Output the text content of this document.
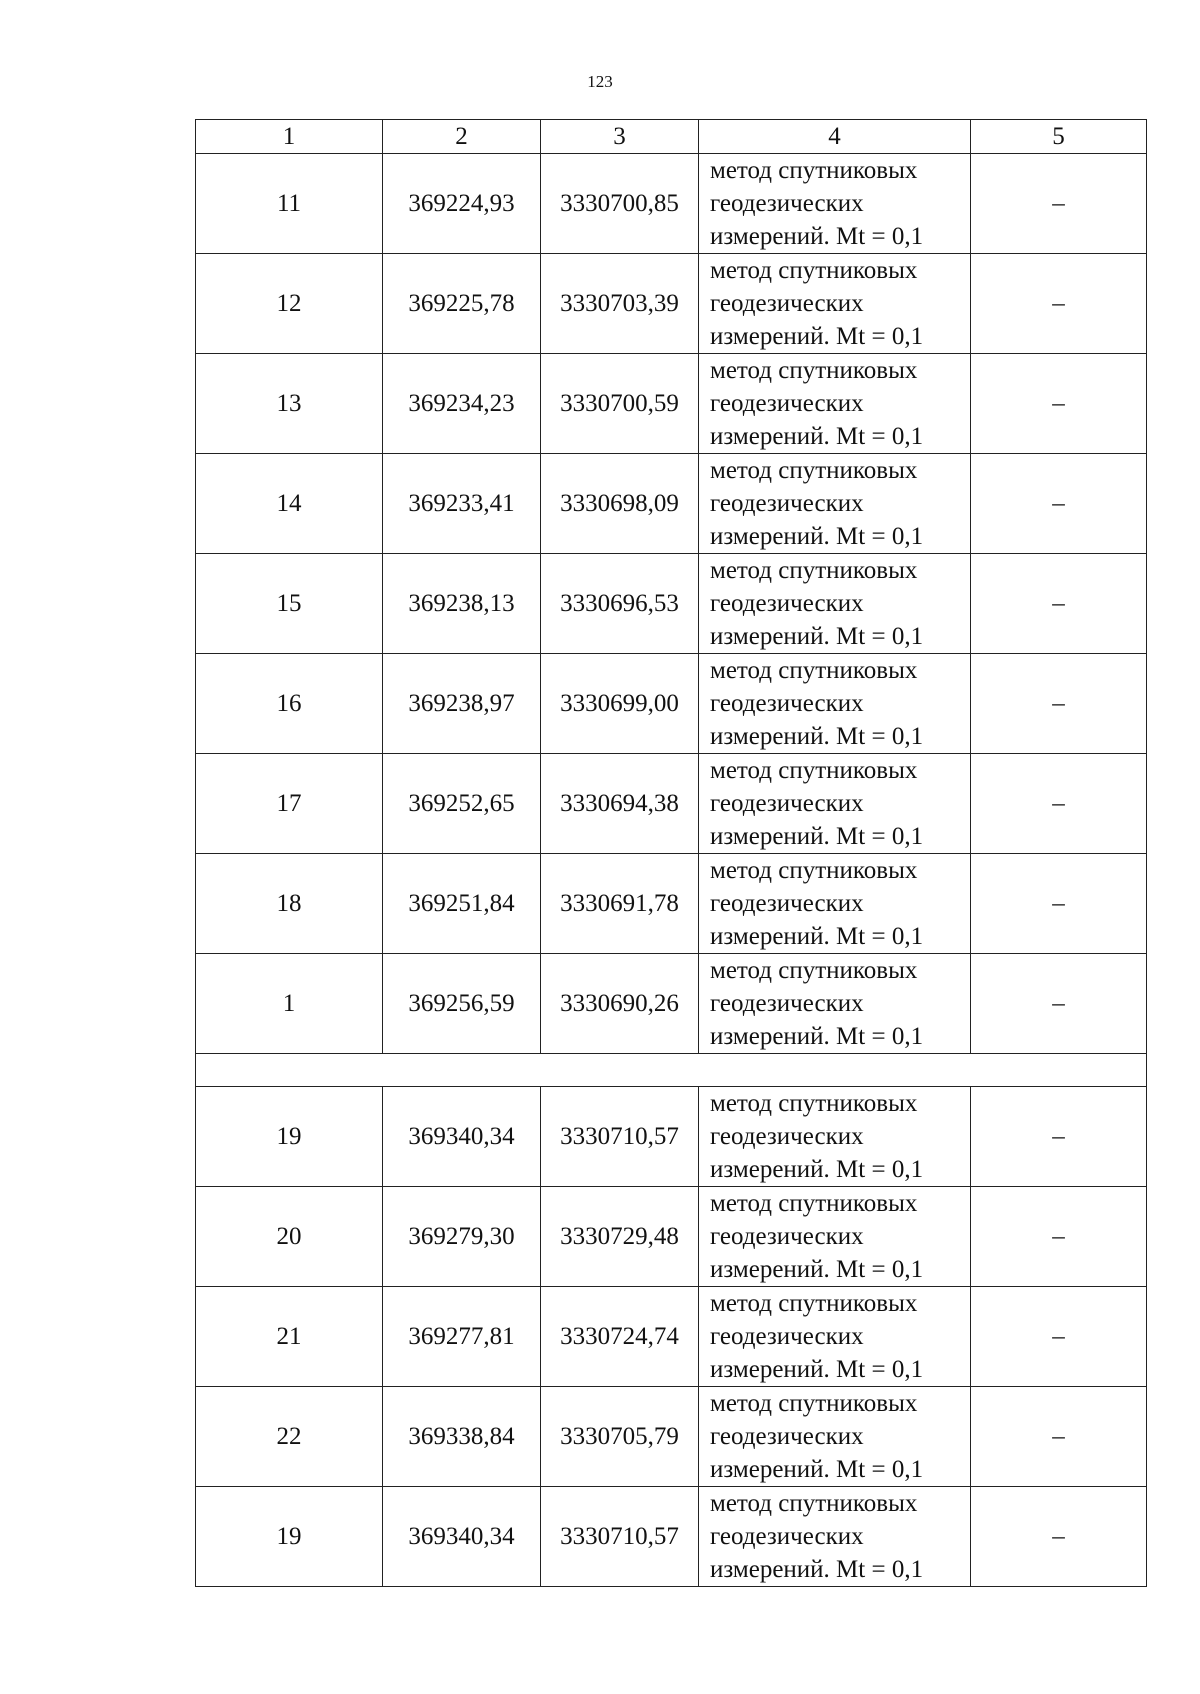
123
1	2	3	4	5
11	369224,93	3330700,85	метод спутниковых
геодезических
измерений. Mt = 0,1	–
12	369225,78	3330703,39	метод спутниковых
геодезических
измерений. Mt = 0,1	–
13	369234,23	3330700,59	метод спутниковых
геодезических
измерений. Mt = 0,1	–
14	369233,41	3330698,09	метод спутниковых
геодезических
измерений. Mt = 0,1	–
15	369238,13	3330696,53	метод спутниковых
геодезических
измерений. Mt = 0,1	–
16	369238,97	3330699,00	метод спутниковых
геодезических
измерений. Mt = 0,1	–
17	369252,65	3330694,38	метод спутниковых
геодезических
измерений. Mt = 0,1	–
18	369251,84	3330691,78	метод спутниковых
геодезических
измерений. Mt = 0,1	–
1	369256,59	3330690,26	метод спутниковых
геодезических
измерений. Mt = 0,1	–

19	369340,34	3330710,57	метод спутниковых
геодезических
измерений. Mt = 0,1	–
20	369279,30	3330729,48	метод спутниковых
геодезических
измерений. Mt = 0,1	–
21	369277,81	3330724,74	метод спутниковых
геодезических
измерений. Mt = 0,1	–
22	369338,84	3330705,79	метод спутниковых
геодезических
измерений. Mt = 0,1	–
19	369340,34	3330710,57	метод спутниковых
геодезических
измерений. Mt = 0,1	–
